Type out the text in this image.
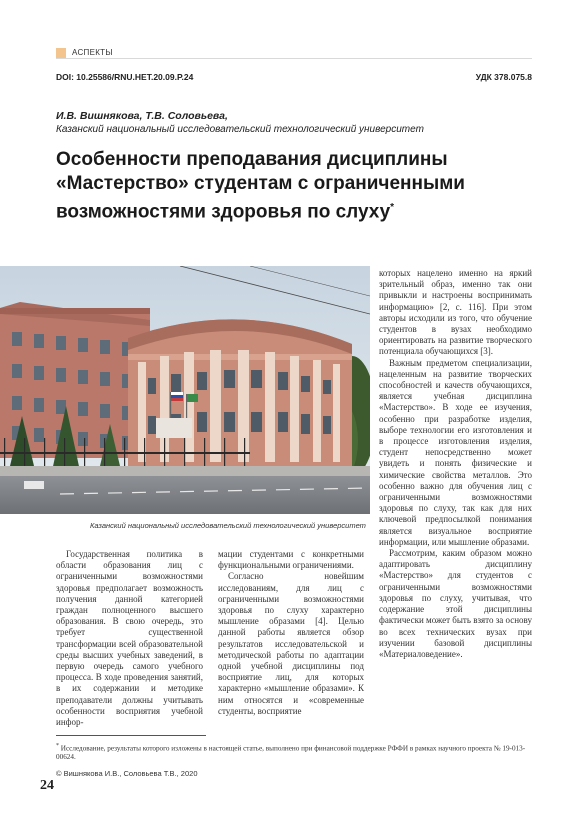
АСПЕКТЫ
DOI: 10.25586/RNU.HET.20.09.P.24	УДК 378.075.8
И.В. Вишнякова, Т.В. Соловьева,
Казанский национальный исследовательский технологический университет
Особенности преподавания дисциплины
«Мастерство» студентам с ограниченными
возможностями здоровья по слуху*
Казанский национальный исследовательский технологический университет

Государственная политика в области образования лиц с ограниченными возможностями здоровья предполагает возможность получения данной категорией граждан полноценного высшего образования. В свою очередь, это требует существенной трансформации всей образовательной среды высших учебных заведений, в первую очередь самого учебного процесса. В ходе проведения занятий, в их содержании и методике преподаватели должны учитывать особенности восприятия учебной инфор-

мации студентами с конкретными функциональными ограничениями.

Согласно новейшим исследованиям, для лиц с ограниченными возможностями здоровья по слуху характерно мышление образами [4]. Целью данной работы является обзор результатов исследовательской и методической работы по адаптации одной учебной дисциплины под восприятие лиц, для которых характерно «мышление образами». К ним относятся и «современные студенты, восприятие

которых нацелено именно на яркий зрительный образ, именно так они привыкли и настроены воспринимать информацию» [2, с. 116]. При этом авторы исходили из того, что обучение студентов в вузах необходимо ориентировать на развитие творческого потенциала обучающихся [3].

Важным предметом специализации, нацеленным на развитие творческих способностей и качеств обучающихся, является учебная дисциплина «Мастерство». В ходе ее изучения, особенно при разработке изделия, выборе технологии его изготовления и в процессе изготовления изделия, студент непосредственно может увидеть и понять физические и химические свойства металлов. Это особенно важно для обучения лиц с ограниченными возможностями здоровья по слуху, так как для них ключевой предпосылкой понимания является визуальное восприятие информации, или мышление образами.

Рассмотрим, каким образом можно адаптировать дисциплину «Мастерство» для студентов с ограниченными возможностями здоровья по слуху, учитывая, что содержание этой дисциплины фактически может быть взято за основу во всех технических вузах при изучении базовой дисциплины «Материаловедение».

* Исследование, результаты которого изложены в настоящей статье, выполнено при финансовой поддержке РФФИ в рамках научного проекта № 19-013-00624.
© Вишнякова И.В., Соловьева Т.В., 2020
24
